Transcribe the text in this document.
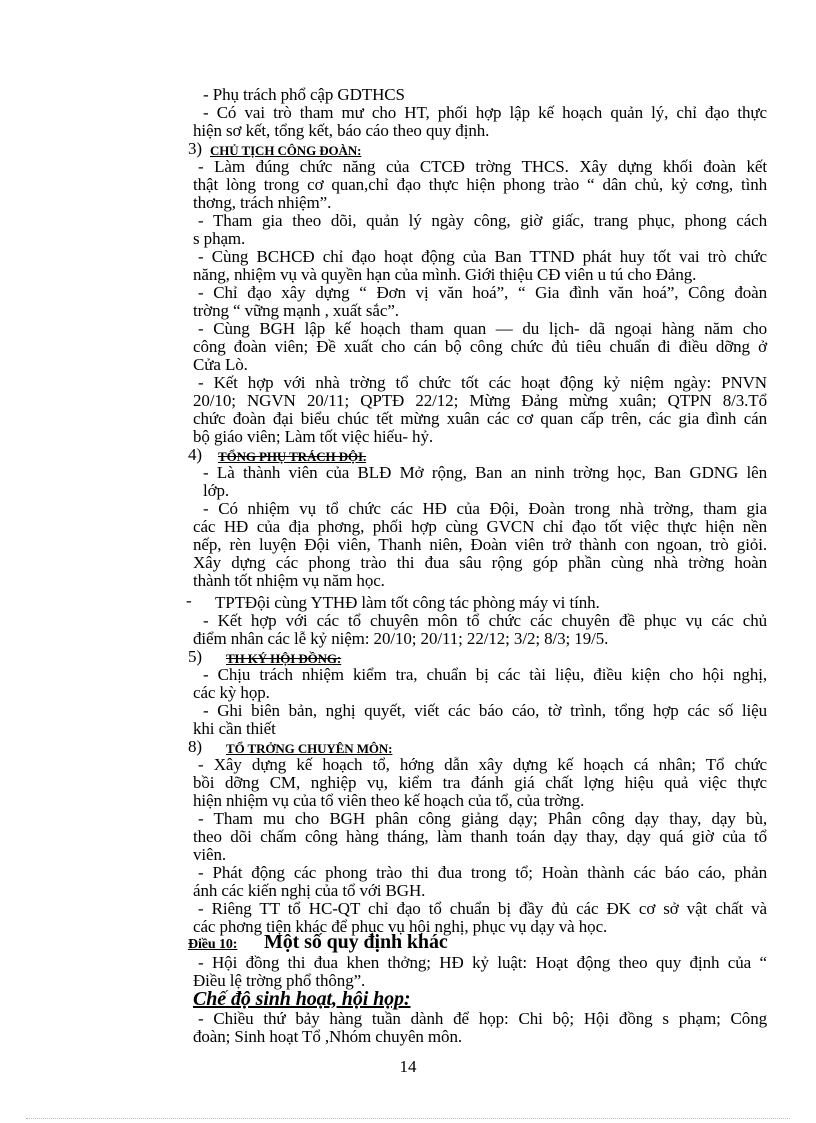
- Phụ trách phổ cập GDTHCS
- Có vai trò tham mư cho HT, phối hợp lập kế hoạch quản lý, chỉ đạo thực
hiện sơ kết, tổng kết, báo cáo theo quy định.
3) CHỦ TỊCH CÔNG ĐOÀN:
- Làm đúng chức năng của CTCĐ trờng THCS. Xây dựng khối đoàn kết
thật lòng trong cơ quan,chỉ đạo thực hiện phong trào “ dân chủ, kỷ cơng, tình
thơng, trách nhiệm”.
- Tham gia theo dõi, quản lý ngày công, giờ giấc, trang phục, phong cách
s phạm.
- Cùng BCHCĐ chỉ đạo hoạt động của Ban TTND phát huy tốt vai trò chức
năng, nhiệm vụ và quyền hạn của mình. Giới thiệu CĐ viên u tú cho Đảng.
- Chỉ đạo xây dựng “ Đơn vị văn hoá”, “ Gia đình văn hoá”, Công đoàn
trờng “ vững mạnh , xuất sắc”.
- Cùng BGH lập kế hoạch tham quan — du lịch- dã ngoại hàng năm cho
công đoàn viên; Đề xuất cho cán bộ công chức đủ tiêu chuẩn đi điều dỡng ở
Cửa Lò.
- Kết hợp với nhà trờng tổ chức tốt các hoạt động kỷ niệm ngày: PNVN
20/10; NGVN 20/11; QPTĐ 22/12; Mừng Đảng mừng xuân; QTPN 8/3.Tổ
chức đoàn đại biểu chúc tết mừng xuân các cơ quan cấp trên, các gia đình cán
bộ giáo viên; Làm tốt việc hiếu- hỷ.
4) TỔNG PHỤ TRÁCH ĐỘI.
- Là thành viên của BLĐ Mở rộng, Ban an ninh trờng học, Ban GDNG lên
lớp.
- Có nhiệm vụ tổ chức các HĐ của Đội, Đoàn trong nhà trờng, tham gia
các HĐ của địa phơng, phối hợp cùng GVCN chỉ đạo tốt việc thực hiện nền
nếp, rèn luyện Đội viên, Thanh niên, Đoàn viên trở thành con ngoan, trò giỏi.
Xây dựng các phong trào thi đua sâu rộng góp phần cùng nhà trờng hoàn
thành tốt nhiệm vụ năm học.
- TPTĐội cùng YTHĐ làm tốt công tác phòng máy vi tính.
- Kết hợp với các tổ chuyên môn tổ chức các chuyên đề phục vụ các chủ
điểm nhân các lễ kỷ niệm: 20/10; 20/11; 22/12; 3/2; 8/3; 19/5.
5) TH KÝ HỘI ĐỒNG:
- Chịu trách nhiệm kiểm tra, chuẩn bị các tài liệu, điều kiện cho hội nghị,
các kỳ họp.
- Ghi biên bản, nghị quyết, viết các báo cáo, tờ trình, tổng hợp các số liệu
khi cần thiết
8) TỔ TRỞNG CHUYÊN MÔN:
- Xây dựng kế hoạch tổ, hớng dẫn xây dựng kế hoạch cá nhân; Tổ chức
bồi dỡng CM, nghiệp vụ, kiểm tra đánh giá chất lợng hiệu quả việc thực
hiện nhiệm vụ của tổ viên theo kế hoạch của tổ, của trờng.
- Tham mu cho BGH phân công giảng dạy; Phân công dạy thay, dạy bù,
theo dõi chấm công hàng tháng, làm thanh toán dạy thay, dạy quá giờ của tổ
viên.
- Phát động các phong trào thi đua trong tổ; Hoàn thành các báo cáo, phản
ánh các kiến nghị của tổ với BGH.
- Riêng TT tổ HC-QT chỉ đạo tổ chuẩn bị đầy đủ các ĐK cơ sở vật chất và
các phơng tiện khác để phục vụ hội nghị, phục vụ dạy và học.
Điều 10: Một số quy định khác
- Hội đồng thi đua khen thởng; HĐ kỷ luật: Hoạt động theo quy định của “
Điều lệ trờng phổ thông”.
Chế độ sinh hoạt, hội họp:
- Chiều thứ bảy hàng tuần dành để họp: Chi bộ; Hội đồng s phạm; Công
đoàn; Sinh hoạt Tổ ,Nhóm chuyên môn.
14
